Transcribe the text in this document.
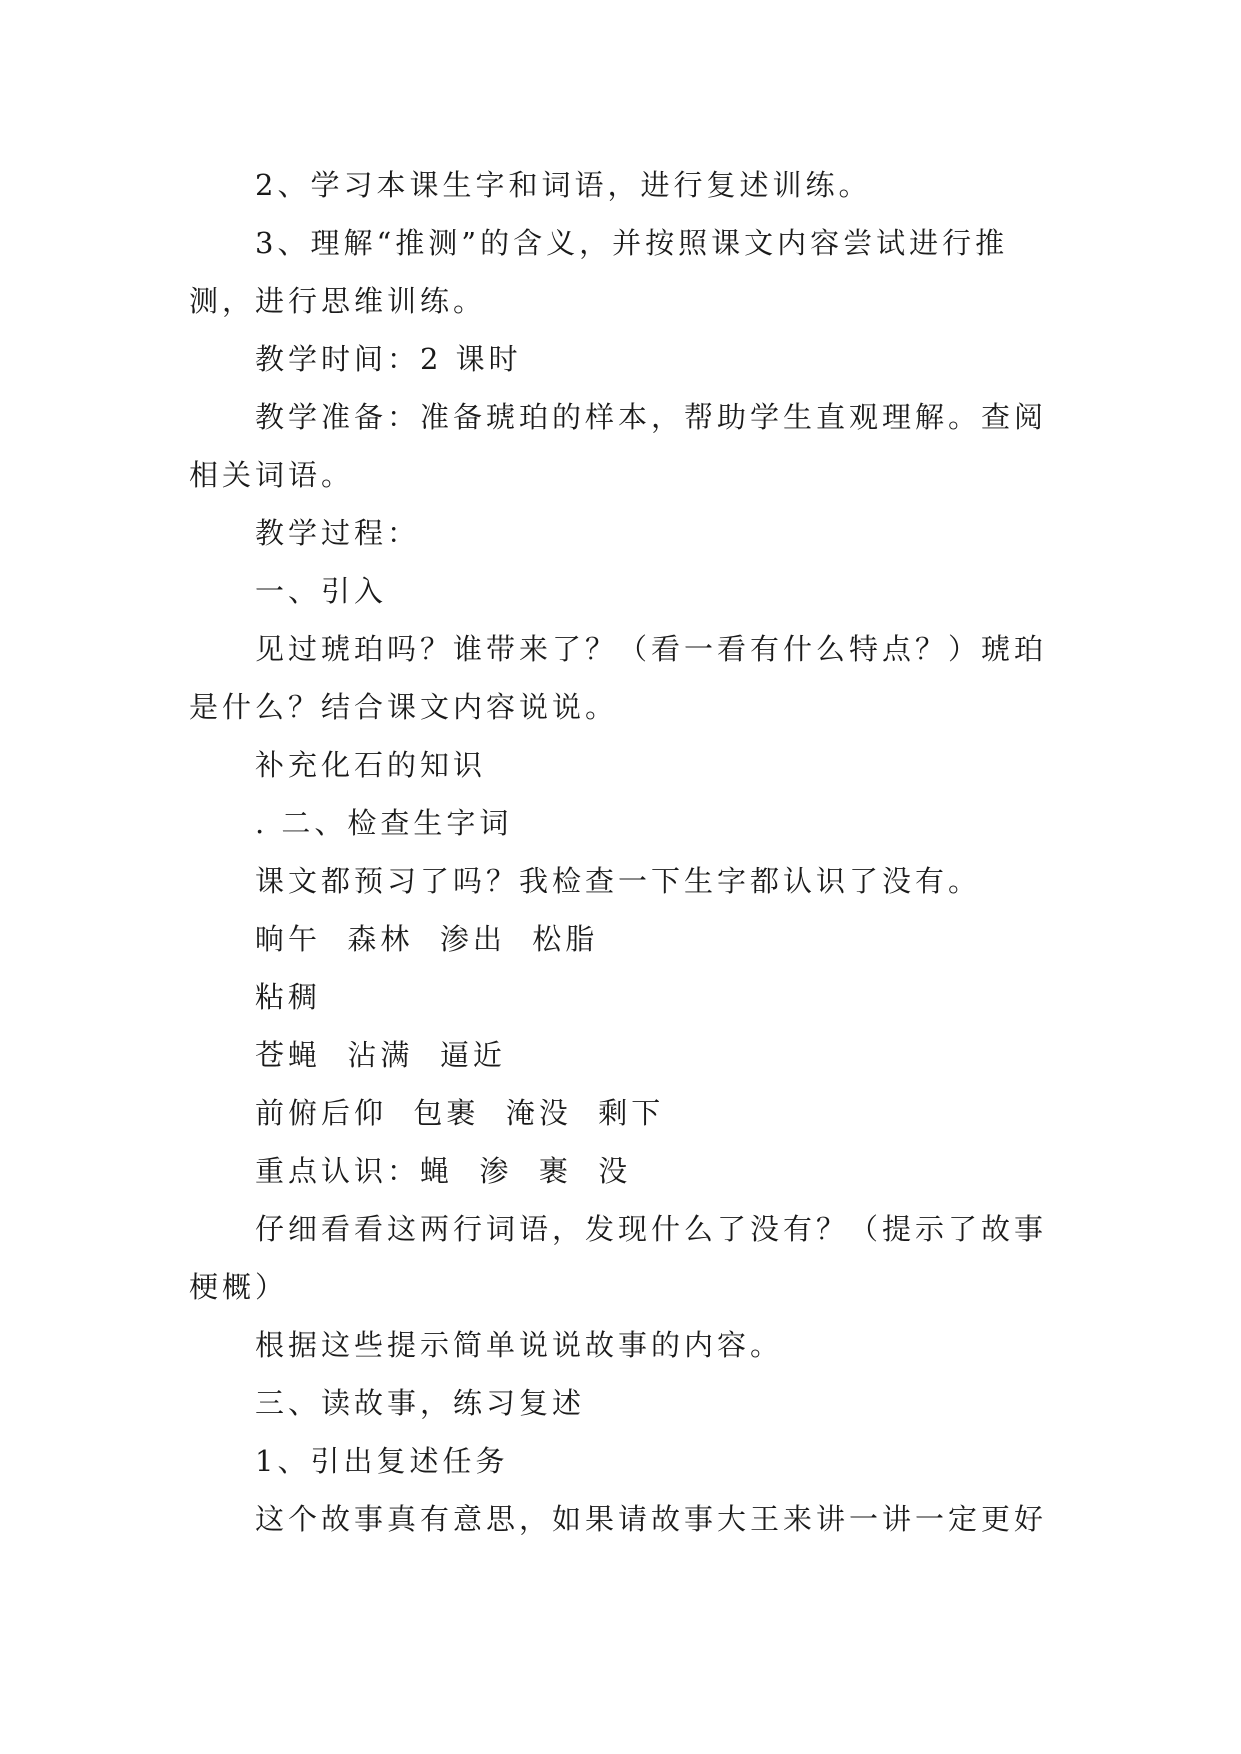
2、学习本课生字和词语，进行复述训练。

3、理解“推测”的含义，并按照课文内容尝试进行推测，进行思维训练。

教学时间：2 课时

教学准备：准备琥珀的样本，帮助学生直观理解。查阅相关词语。

教学过程：

一、引入

见过琥珀吗？谁带来了？（看一看有什么特点？）琥珀是什么？结合课文内容说说。

补充化石的知识

. 二、检查生字词

课文都预习了吗？我检查一下生字都认识了没有。

晌午  森林  渗出  松脂

粘稠

苍蝇  沾满  逼近

前俯后仰  包裹  淹没  剩下

重点认识：蝇  渗  裹  没

仔细看看这两行词语，发现什么了没有？（提示了故事梗概）

根据这些提示简单说说故事的内容。

三、读故事，练习复述

1、引出复述任务

这个故事真有意思，如果请故事大王来讲一讲一定更好
